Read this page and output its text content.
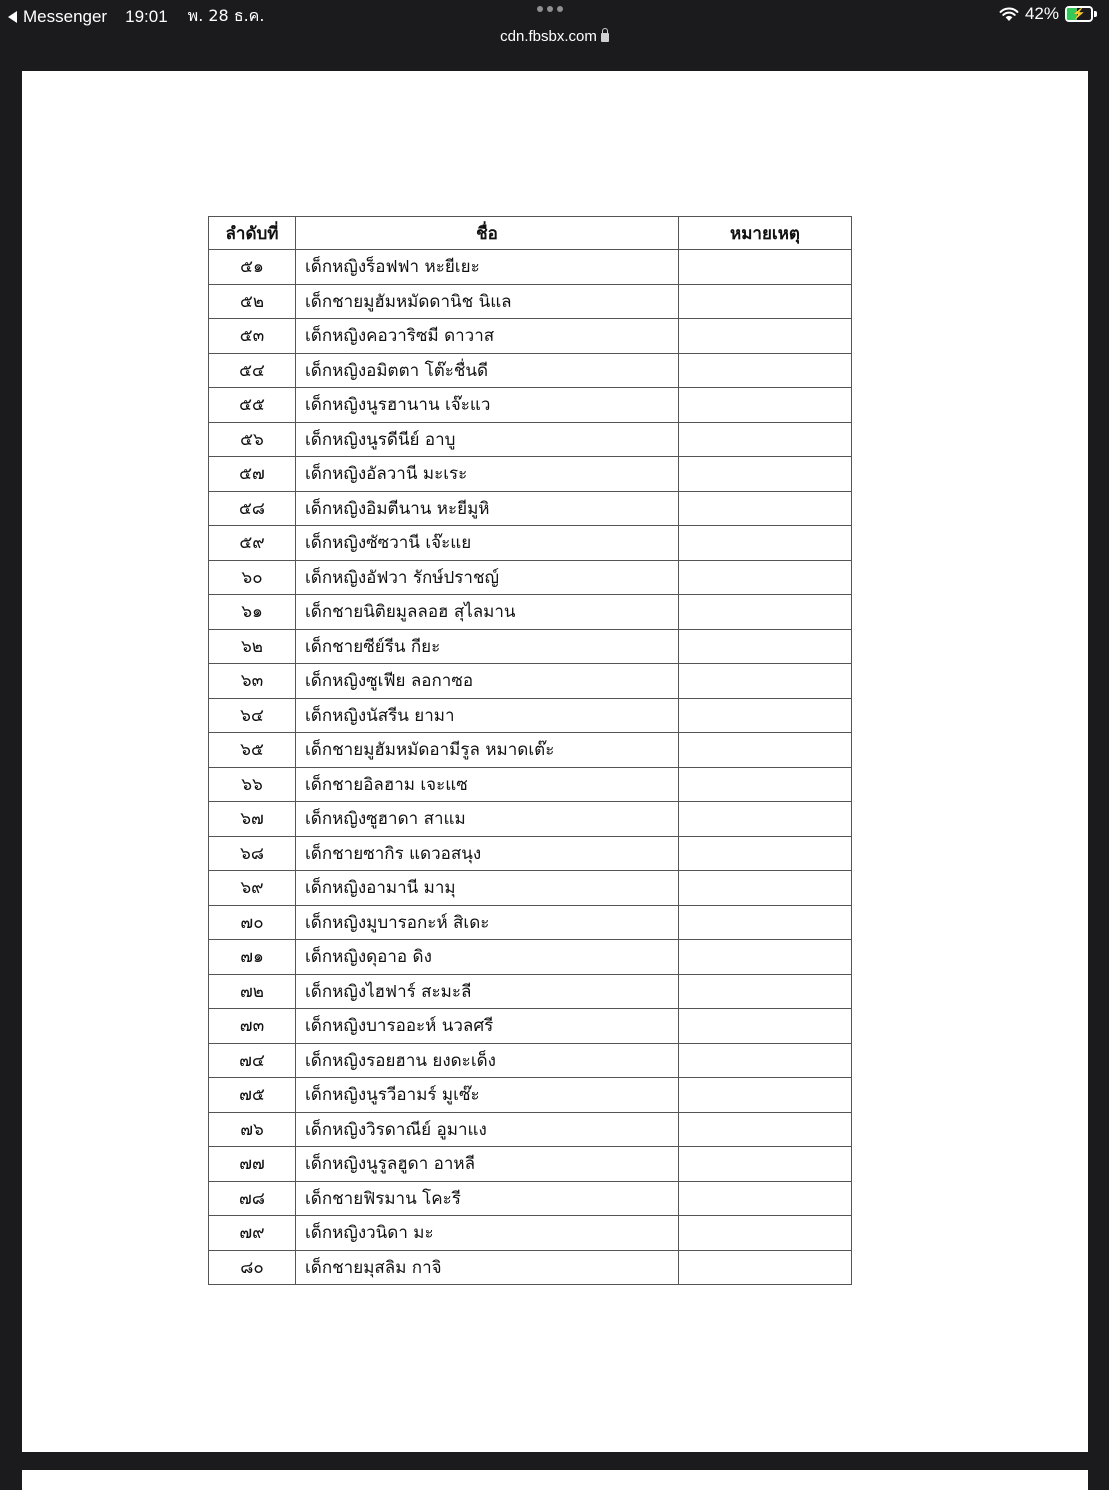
Messenger 19:01 พ. 28 ธ.ค.
cdn.fbsbx.com
42% ⚡
ลำดับที่	ชื่อ	หมายเหตุ
๕๑	เด็กหญิงร็อฟฟา หะยีเยะ	
๕๒	เด็กชายมูฮัมหมัดดานิช นิแล	
๕๓	เด็กหญิงคอวาริซมี ดาวาส	
๕๔	เด็กหญิงอมิตตา โต๊ะชื่นดี	
๕๕	เด็กหญิงนูรฮานาน เจ๊ะแว	
๕๖	เด็กหญิงนูรดีนีย์ อาบู	
๕๗	เด็กหญิงอัลวานี มะเระ	
๕๘	เด็กหญิงอิมตีนาน หะยีมูหิ	
๕๙	เด็กหญิงซัซวานี เจ๊ะแย	
๖๐	เด็กหญิงอัฟวา รักษ์ปราชญ์	
๖๑	เด็กชายนิติยมูลลอฮ สุไลมาน	
๖๒	เด็กชายซีย์รีน กียะ	
๖๓	เด็กหญิงซูเฟีย ลอกาซอ	
๖๔	เด็กหญิงนัสรีน ยามา	
๖๕	เด็กชายมูฮัมหมัดอามีรูล หมาดเต๊ะ	
๖๖	เด็กชายอิลฮาม เจะแซ	
๖๗	เด็กหญิงซูฮาดา สาแม	
๖๘	เด็กชายซากิร แดวอสนุง	
๖๙	เด็กหญิงอามานี มามุ	
๗๐	เด็กหญิงมูบารอกะห์ สิเดะ	
๗๑	เด็กหญิงดุอาอ ดิง	
๗๒	เด็กหญิงไฮฟาร์ สะมะลี	
๗๓	เด็กหญิงบารออะห์ นวลศรี	
๗๔	เด็กหญิงรอยฮาน ยงดะเด็ง	
๗๕	เด็กหญิงนูรวีอามร์ มูเซ๊ะ	
๗๖	เด็กหญิงวิรดาณีย์ อูมาแง	
๗๗	เด็กหญิงนูรูลฮูดา อาหลี	
๗๘	เด็กชายฟิรมาน โคะรี	
๗๙	เด็กหญิงวนิดา มะ	
๘๐	เด็กชายมุสลิม กาจิ	
